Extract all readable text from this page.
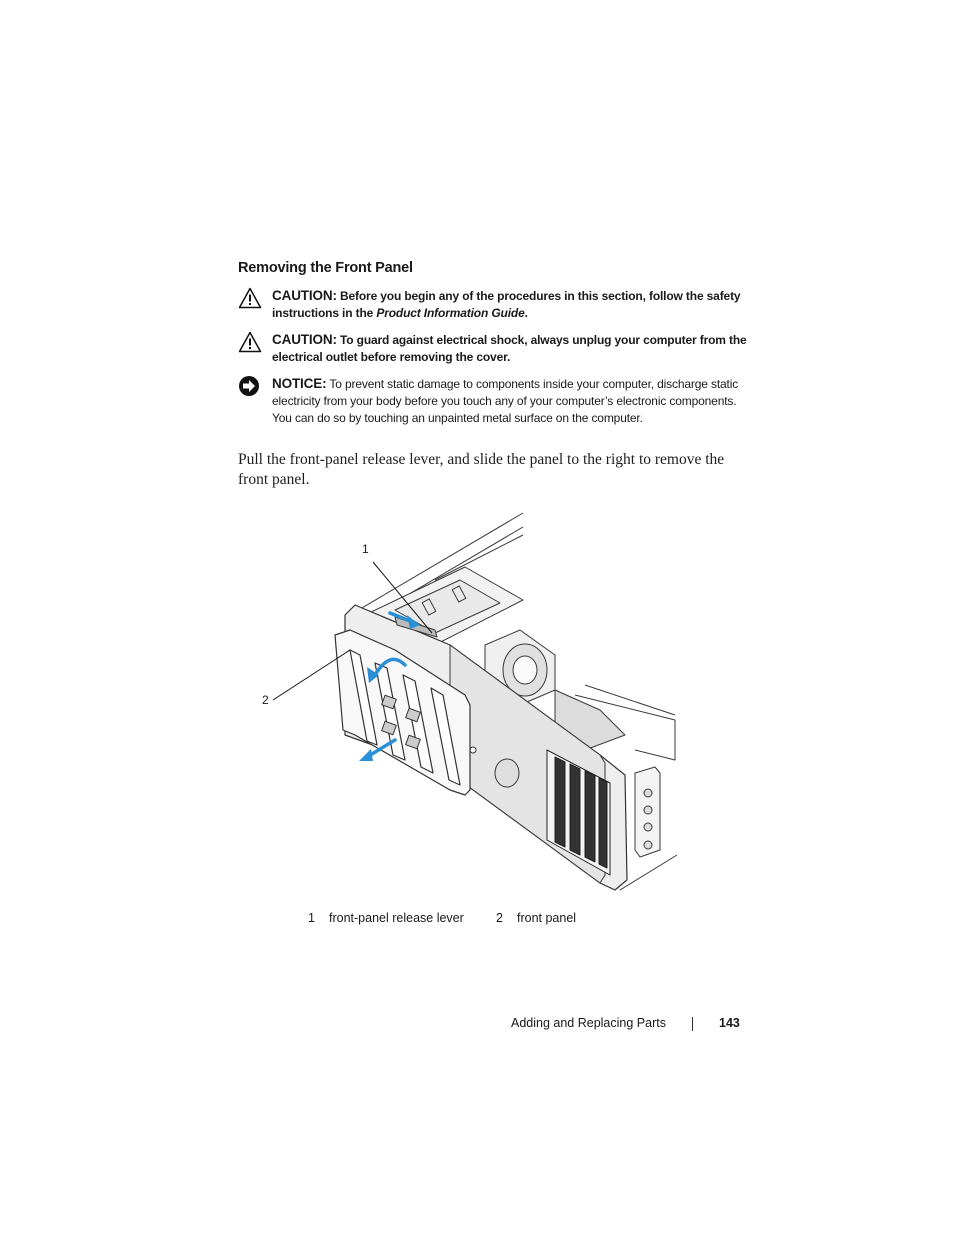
Removing the Front Panel
CAUTION: Before you begin any of the procedures in this section, follow the safety instructions in the Product Information Guide.
CAUTION: To guard against electrical shock, always unplug your computer from the electrical outlet before removing the cover.
NOTICE: To prevent static damage to components inside your computer, discharge static electricity from your body before you touch any of your computer’s electronic components. You can do so by touching an unpainted metal surface on the computer.
Pull the front-panel release lever, and slide the panel to the right to remove the front panel.
1
2
1 front-panel release lever	2 front panel
Adding and Replacing Parts	143
